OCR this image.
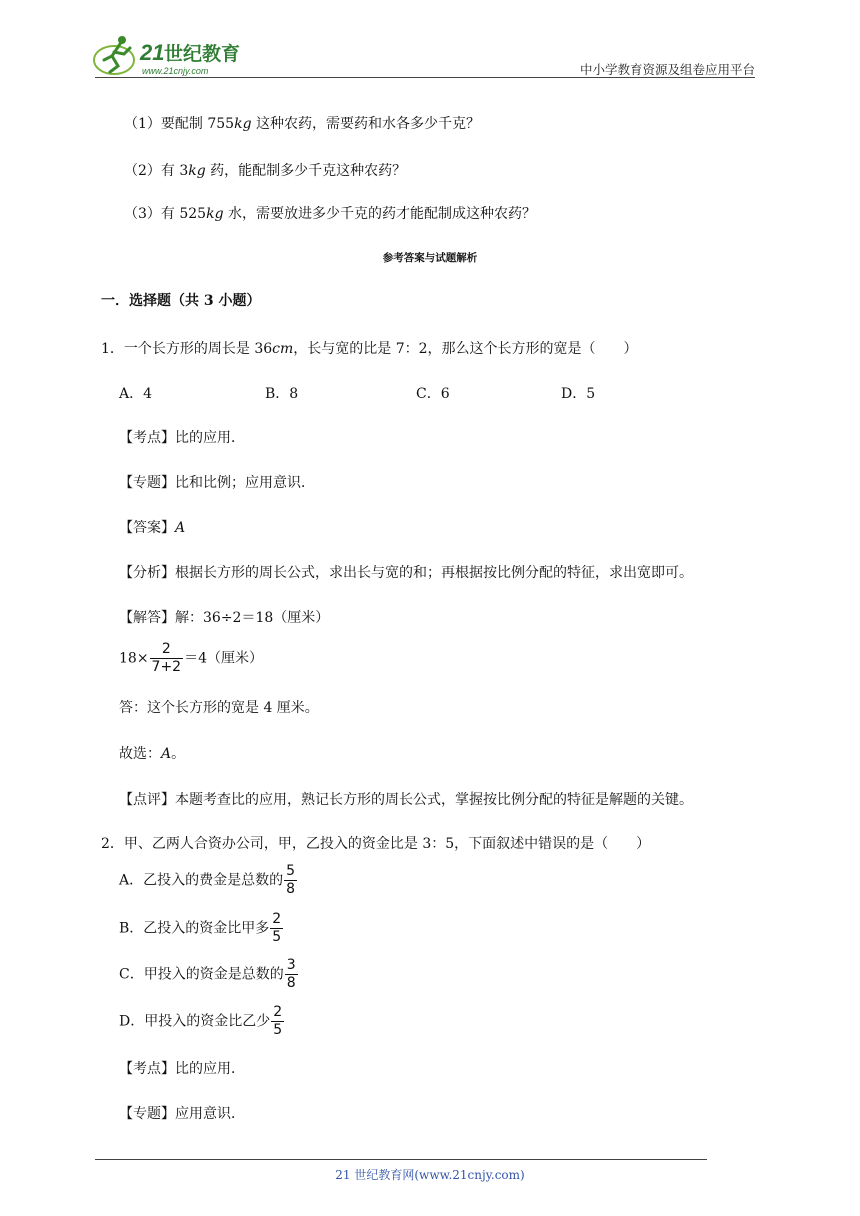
21 世纪教育
www.21cnjy.com	中小学教育资源及组卷应用平台
（1）要配制 755kg 这种农药，需要药和水各多少千克？
（2）有 3kg 药，能配制多少千克这种农药？
（3）有 525kg 水，需要放进多少千克的药才能配制成这种农药？
参考答案与试题解析
一．选择题（共 3 小题）
1．一个长方形的周长是 36cm，长与宽的比是 7：2，那么这个长方形的宽是（　　）
A．4	B．8	C．6	D．5
【考点】比的应用．
【专题】比和比例；应用意识．
【答案】A
【分析】根据长方形的周长公式，求出长与宽的和；再根据按比例分配的特征，求出宽即可。
【解答】解：36÷2＝18（厘米）
$18\times \frac{2}{7+2} =4$（厘米）
答：这个长方形的宽是 4 厘米。
故选：A。
【点评】本题考查比的应用，熟记长方形的周长公式，掌握按比例分配的特征是解题的关键。
2．甲、乙两人合资办公司，甲，乙投入的资金比是 3：5，下面叙述中错误的是（　　）
A．乙投入的费金是总数的 $\frac{5}{8}$
B．乙投入的资金比甲多 $\frac{2}{5}$
C．甲投入的资金是总数的 $\frac{3}{8}$
D．甲投入的资金比乙少 $\frac{2}{5}$
【考点】比的应用．
【专题】应用意识．
21 世纪教育网(www.21cnjy.com)
